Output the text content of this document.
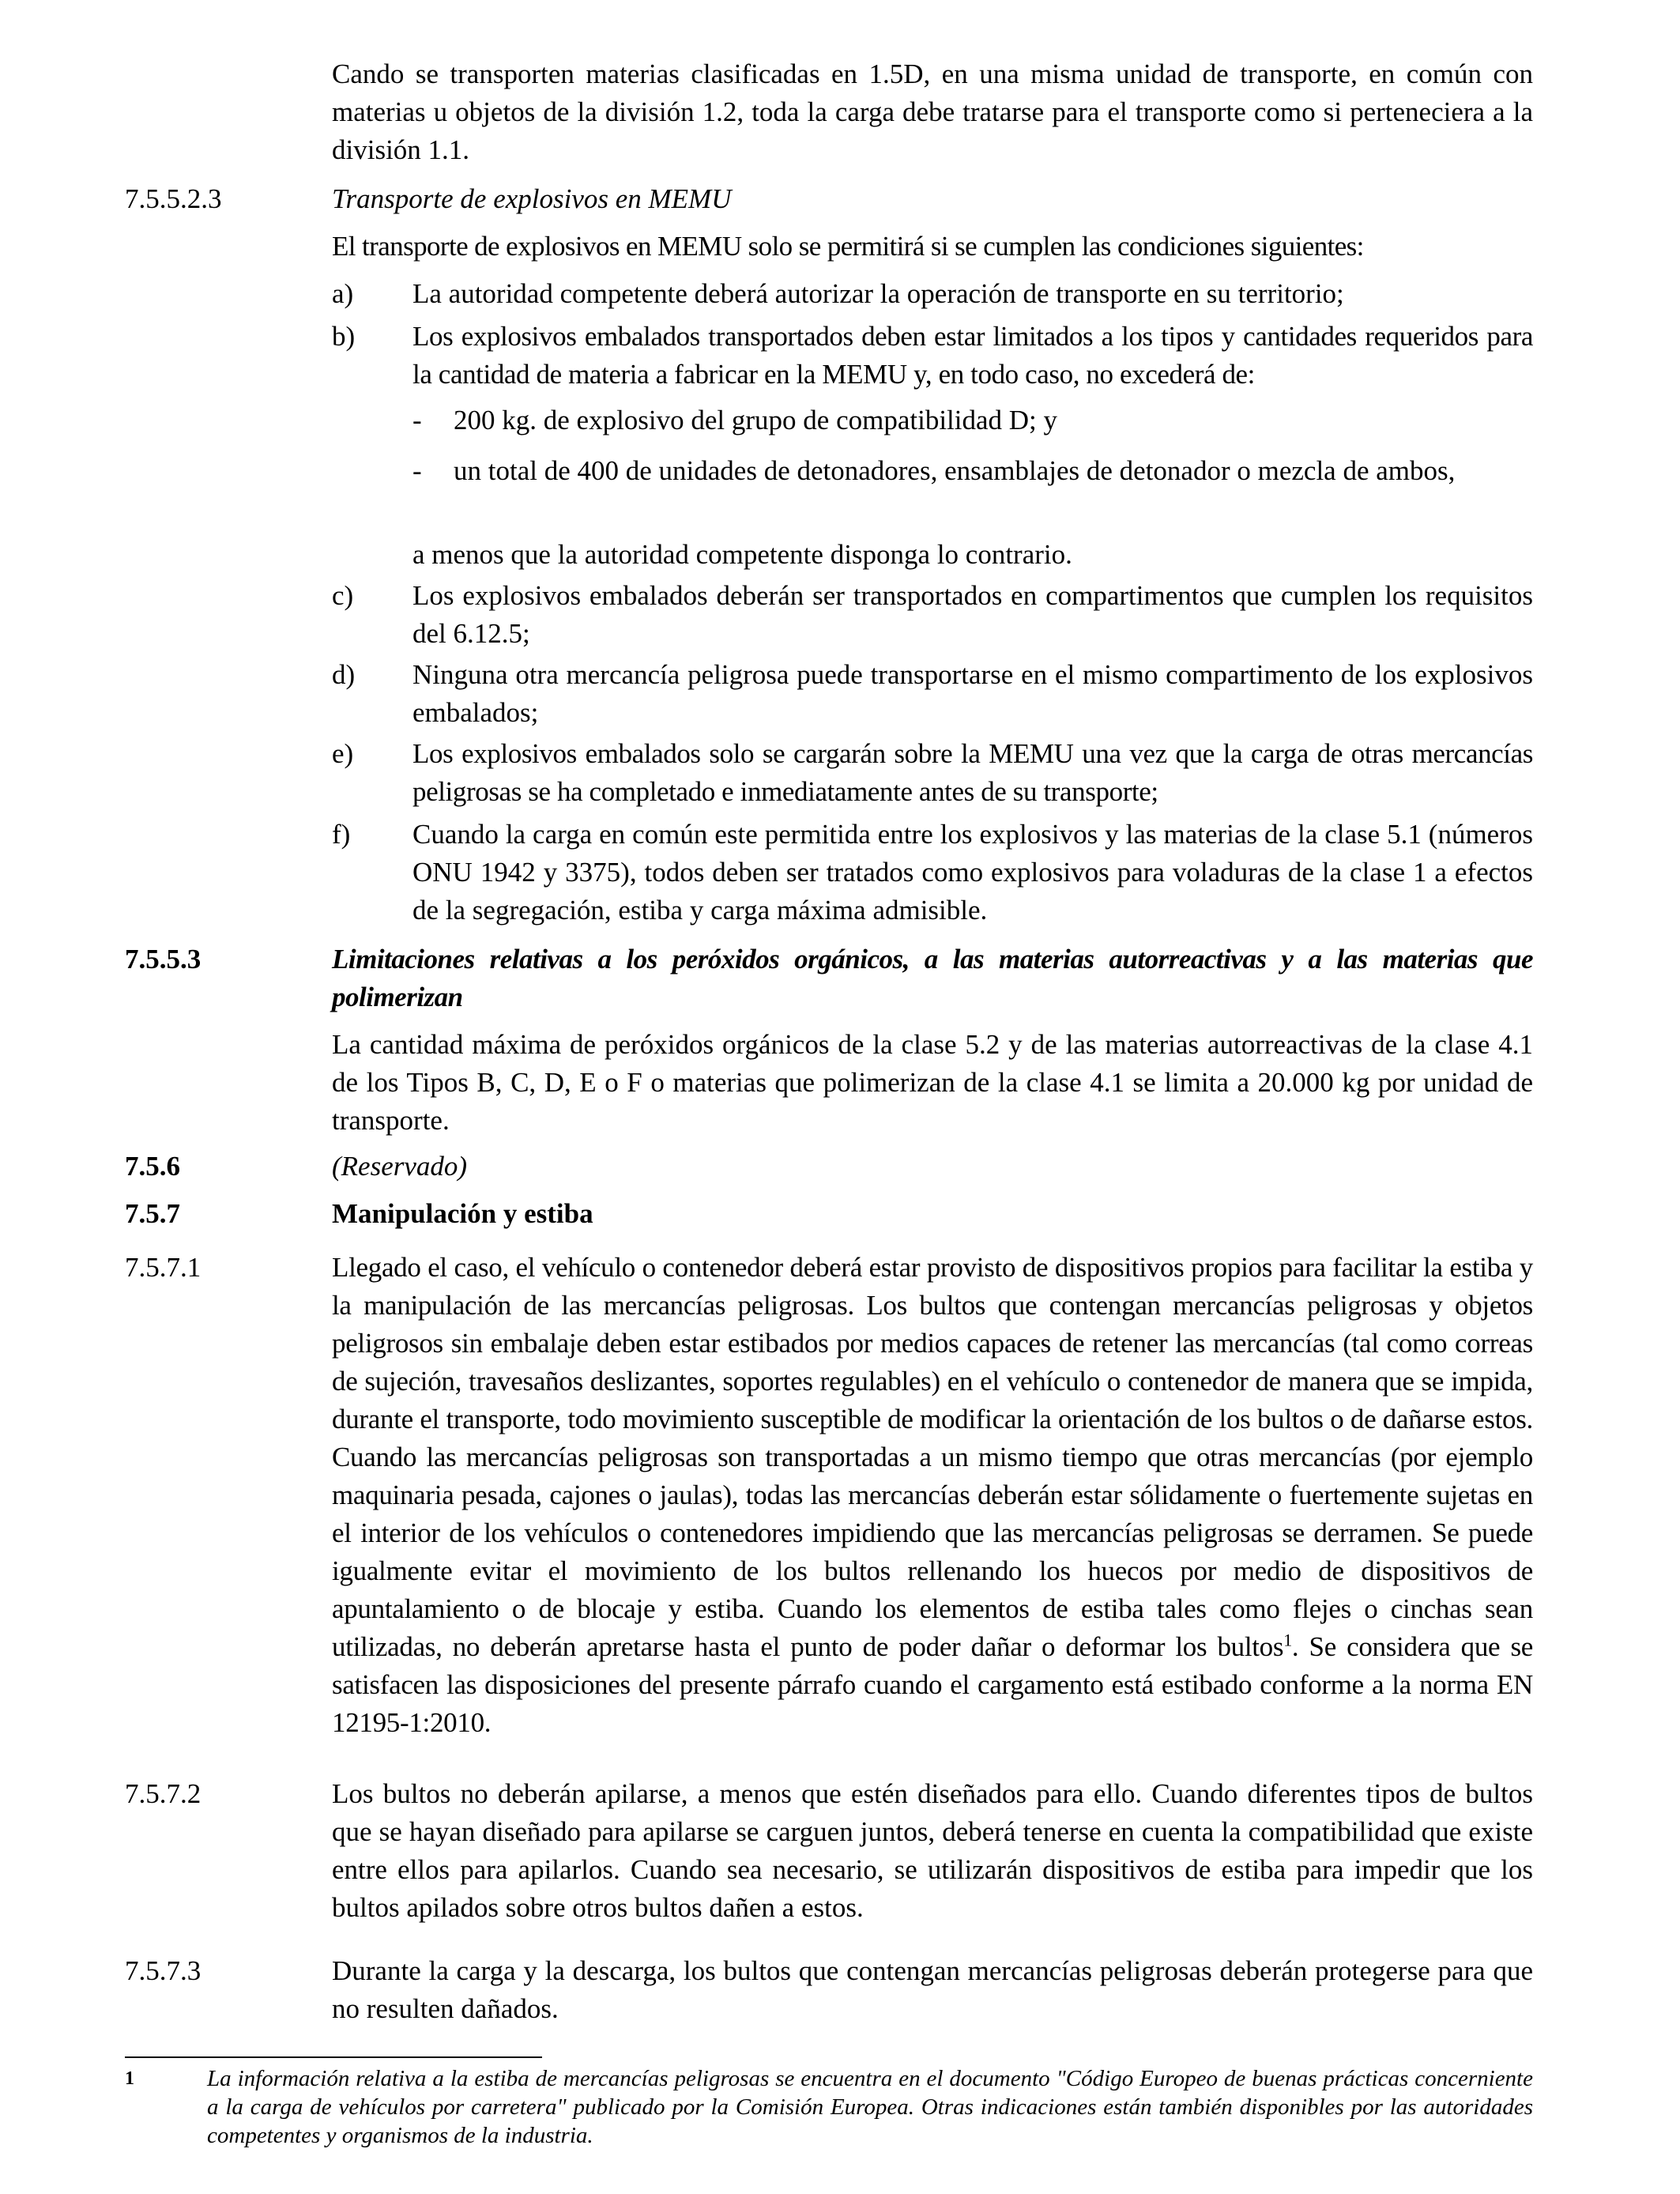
Cando se transporten materias clasificadas en 1.5D, en una misma unidad de transporte, en común con materias u objetos de la división 1.2, toda la carga debe tratarse para el transporte como si perteneciera a la división 1.1.

7.5.5.2.3	Transporte de explosivos en MEMU

El transporte de explosivos en MEMU solo se permitirá si se cumplen las condiciones siguientes:

a) La autoridad competente deberá autorizar la operación de transporte en su territorio;
b) Los explosivos embalados transportados deben estar limitados a los tipos y cantidades requeridos para la cantidad de materia a fabricar en la MEMU y, en todo caso, no excederá de:
- 200 kg. de explosivo del grupo de compatibilidad D; y
- un total de 400 de unidades de detonadores, ensamblajes de detonador o mezcla de ambos,

a menos que la autoridad competente disponga lo contrario.

c) Los explosivos embalados deberán ser transportados en compartimentos que cumplen los requisitos del 6.12.5;
d) Ninguna otra mercancía peligrosa puede transportarse en el mismo compartimento de los explosivos embalados;
e) Los explosivos embalados solo se cargarán sobre la MEMU una vez que la carga de otras mercancías peligrosas se ha completado e inmediatamente antes de su transporte;
f) Cuando la carga en común este permitida entre los explosivos y las materias de la clase 5.1 (números ONU 1942 y 3375), todos deben ser tratados como explosivos para voladuras de la clase 1 a efectos de la segregación, estiba y carga máxima admisible.
7.5.5.3	Limitaciones relativas a los peróxidos orgánicos, a las materias autorreactivas y a las materias que polimerizan

La cantidad máxima de peróxidos orgánicos de la clase 5.2 y de las materias autorreactivas de la clase 4.1 de los Tipos B, C, D, E o F o materias que polimerizan de la clase 4.1 se limita a 20.000 kg por unidad de transporte.

7.5.6	(Reservado)
7.5.7	Manipulación y estiba
7.5.7.1	Llegado el caso, el vehículo o contenedor deberá estar provisto de dispositivos propios para facilitar la estiba y la manipulación de las mercancías peligrosas. Los bultos que contengan mercancías peligrosas y objetos peligrosos sin embalaje deben estar estibados por medios capaces de retener las mercancías (tal como correas de sujeción, travesaños deslizantes, soportes regulables) en el vehículo o contenedor de manera que se impida, durante el transporte, todo movimiento susceptible de modificar la orientación de los bultos o de dañarse estos. Cuando las mercancías peligrosas son transportadas a un mismo tiempo que otras mercancías (por ejemplo maquinaria pesada, cajones o jaulas), todas las mercancías deberán estar sólidamente o fuertemente sujetas en el interior de los vehículos o contenedores impidiendo que las mercancías peligrosas se derramen. Se puede igualmente evitar el movimiento de los bultos rellenando los huecos por medio de dispositivos de apuntalamiento o de blocaje y estiba. Cuando los elementos de estiba tales como flejes o cinchas sean utilizadas, no deberán apretarse hasta el punto de poder dañar o deformar los bultos$^1$. Se considera que se satisfacen las disposiciones del presente párrafo cuando el cargamento está estibado conforme a la norma EN 12195-1:2010.

7.5.7.2	Los bultos no deberán apilarse, a menos que estén diseñados para ello. Cuando diferentes tipos de bultos que se hayan diseñado para apilarse se carguen juntos, deberá tenerse en cuenta la compatibilidad que existe entre ellos para apilarlos. Cuando sea necesario, se utilizarán dispositivos de estiba para impedir que los bultos apilados sobre otros bultos dañen a estos.

7.5.7.3	Durante la carga y la descarga, los bultos que contengan mercancías peligrosas deberán protegerse para que no resulten dañados.

1	La información relativa a la estiba de mercancías peligrosas se encuentra en el documento "Código Europeo de buenas prácticas concerniente a la carga de vehículos por carretera" publicado por la Comisión Europea. Otras indicaciones están también disponibles por las autoridades competentes y organismos de la industria.
